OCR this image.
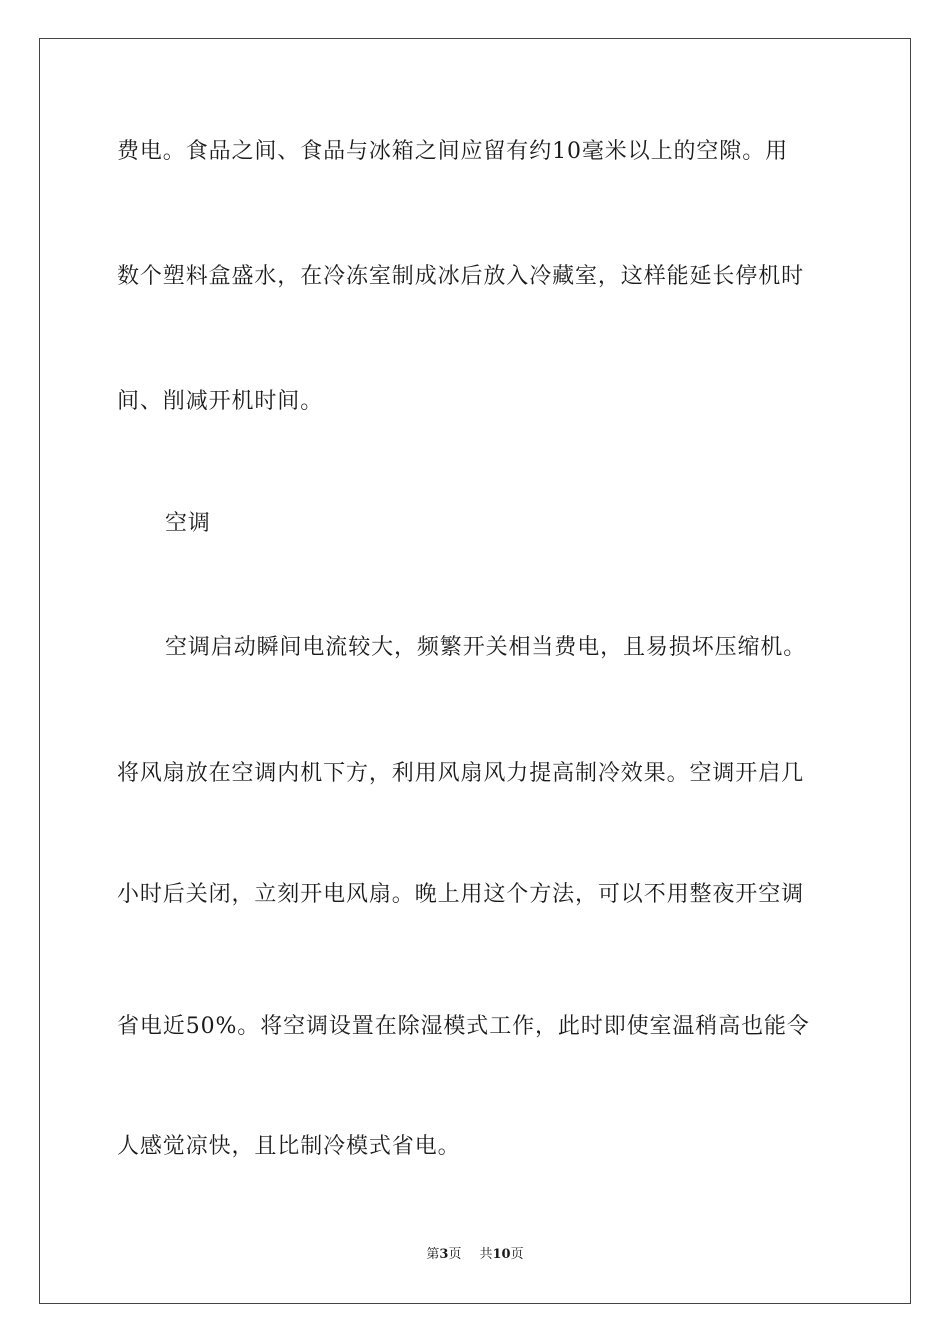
费电。食品之间、食品与冰箱之间应留有约10毫米以上的空隙。用
数个塑料盒盛水，在冷冻室制成冰后放入冷藏室，这样能延长停机时
间、削减开机时间。
空调
空调启动瞬间电流较大，频繁开关相当费电，且易损坏压缩机。
将风扇放在空调内机下方，利用风扇风力提高制冷效果。空调开启几
小时后关闭，立刻开电风扇。晚上用这个方法，可以不用整夜开空调
省电近50%。将空调设置在除湿模式工作，此时即使室温稍高也能令
人感觉凉快，且比制冷模式省电。
第3页 共10页
